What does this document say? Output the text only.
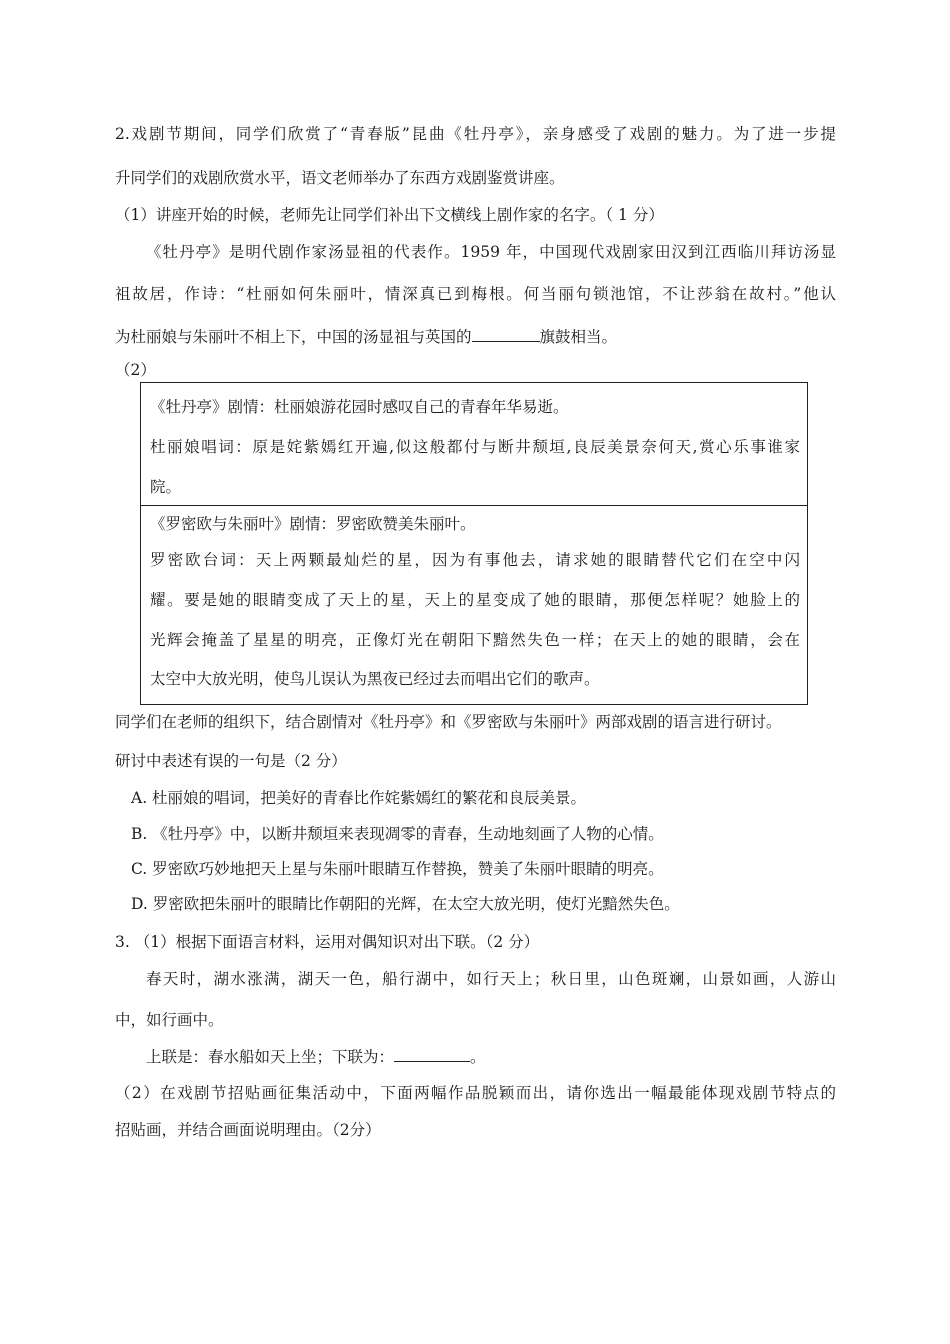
2.戏剧节期间，同学们欣赏了“青春版”昆曲《牡丹亭》，亲身感受了戏剧的魅力。为了进一步提
升同学们的戏剧欣赏水平，语文老师举办了东西方戏剧鉴赏讲座。
（1）讲座开始的时候，老师先让同学们补出下文横线上剧作家的名字。（ 1 分）
《牡丹亭》是明代剧作家汤显祖的代表作。1959 年，中国现代戏剧家田汉到江西临川拜访汤显
祖故居，作诗：“杜丽如何朱丽叶，情深真已到梅根。何当丽句锁池馆，不让莎翁在故村。”他认
为杜丽娘与朱丽叶不相上下，中国的汤显祖与英国的	旗鼓相当。
（2）
《牡丹亭》剧情：杜丽娘游花园时感叹自己的青春年华易逝。
杜丽娘唱词：原是姹紫嫣红开遍,似这般都付与断井颓垣,良辰美景奈何天,赏心乐事谁家
院。
《罗密欧与朱丽叶》剧情：罗密欧赞美朱丽叶。
罗密欧台词：天上两颗最灿烂的星，因为有事他去，请求她的眼睛替代它们在空中闪
耀。要是她的眼睛变成了天上的星，天上的星变成了她的眼睛，那便怎样呢？她脸上的
光辉会掩盖了星星的明亮，正像灯光在朝阳下黯然失色一样；在天上的她的眼睛，会在
太空中大放光明，使鸟儿误认为黑夜已经过去而唱出它们的歌声。
同学们在老师的组织下，结合剧情对《牡丹亭》和《罗密欧与朱丽叶》两部戏剧的语言进行研讨。
研讨中表述有误的一句是（2 分）
A. 杜丽娘的唱词，把美好的青春比作姹紫嫣红的繁花和良辰美景。
B. 《牡丹亭》中，以断井颓垣来表现凋零的青春，生动地刻画了人物的心情。
C. 罗密欧巧妙地把天上星与朱丽叶眼睛互作替换，赞美了朱丽叶眼睛的明亮。
D. 罗密欧把朱丽叶的眼睛比作朝阳的光辉，在太空大放光明，使灯光黯然失色。
3. （1）根据下面语言材料，运用对偶知识对出下联。（2 分）
春天时，湖水涨满，湖天一色，船行湖中，如行天上；秋日里，山色斑斓，山景如画，人游山
中，如行画中。
上联是：春水船如天上坐；下联为：	。
（2）在戏剧节招贴画征集活动中，下面两幅作品脱颖而出，请你选出一幅最能体现戏剧节特点的
招贴画，并结合画面说明理由。（2分）
